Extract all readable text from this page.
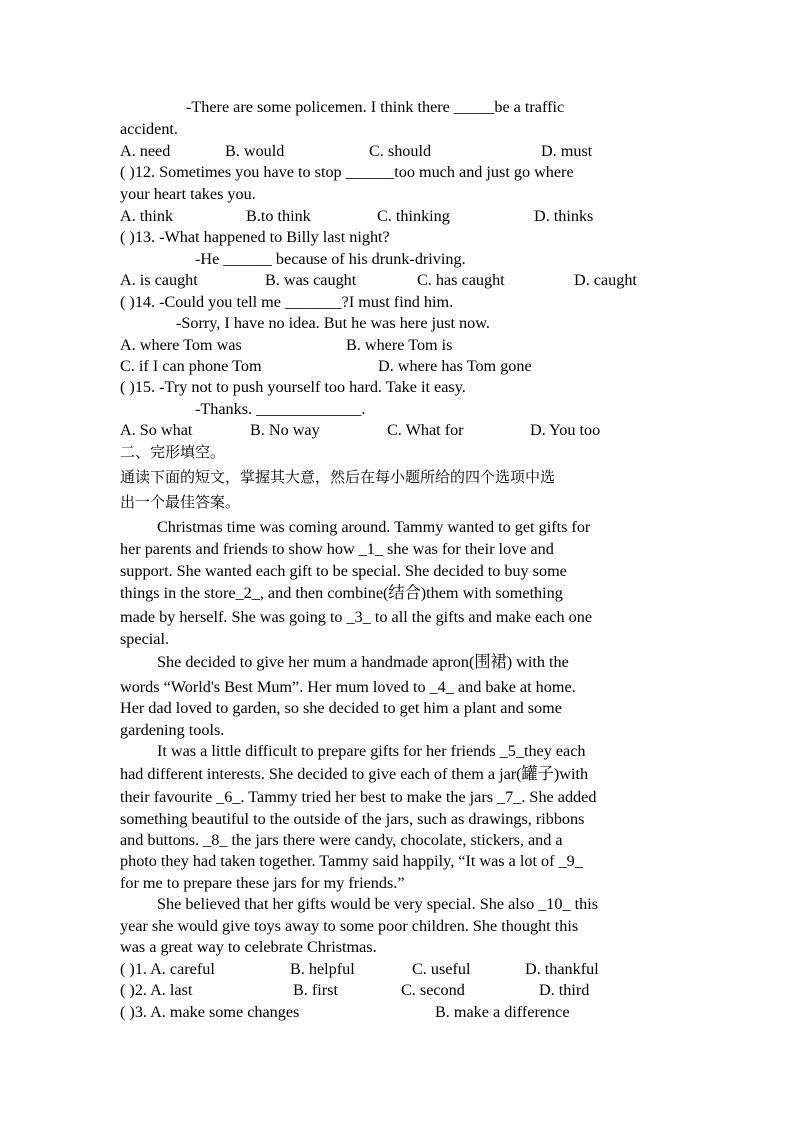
-There are some policemen. I think there _____be a traffic
accident.
A. need	B. would	C. should	D. must
( )12. Sometimes you have to stop ______too much and just go where
your heart takes you.
A. think	B.to think	C. thinking	D. thinks
( )13. -What happened to Billy last night?
-He ______ because of his drunk-driving.
A. is caught	B. was caught	C. has caught	D. caught
( )14. -Could you tell me _______?I must find him.
-Sorry, I have no idea. But he was here just now.
A. where Tom was	B. where Tom is
C. if I can phone Tom	D. where has Tom gone
( )15. -Try not to push yourself too hard. Take it easy.
-Thanks. _____________.
A. So what	B. No way	C. What for	D. You too
二、完形填空。
通读下面的短文，掌握其大意，然后在每小题所给的四个选项中选
出一个最佳答案。
Christmas time was coming around. Tammy wanted to get gifts for
her parents and friends to show how _1_ she was for their love and
support. She wanted each gift to be special. She decided to buy some
things in the store_2_, and then combine(结合)them with something
made by herself. She was going to _3_ to all the gifts and make each one
special.
She decided to give her mum a handmade apron(围裙) with the
words “World's Best Mum”. Her mum loved to _4_ and bake at home.
Her dad loved to garden, so she decided to get him a plant and some
gardening tools.
It was a little difficult to prepare gifts for her friends _5_they each
had different interests. She decided to give each of them a jar(罐子)with
their favourite _6_. Tammy tried her best to make the jars _7_. She added
something beautiful to the outside of the jars, such as drawings, ribbons
and buttons. _8_ the jars there were candy, chocolate, stickers, and a
photo they had taken together. Tammy said happily, “It was a lot of _9_
for me to prepare these jars for my friends.”
She believed that her gifts would be very special. She also _10_ this
year she would give toys away to some poor children. She thought this
was a great way to celebrate Christmas.
( )1. A. careful	B. helpful	C. useful	D. thankful
( )2. A. last	B. first	C. second	D. third
( )3. A. make some changes	B. make a difference
